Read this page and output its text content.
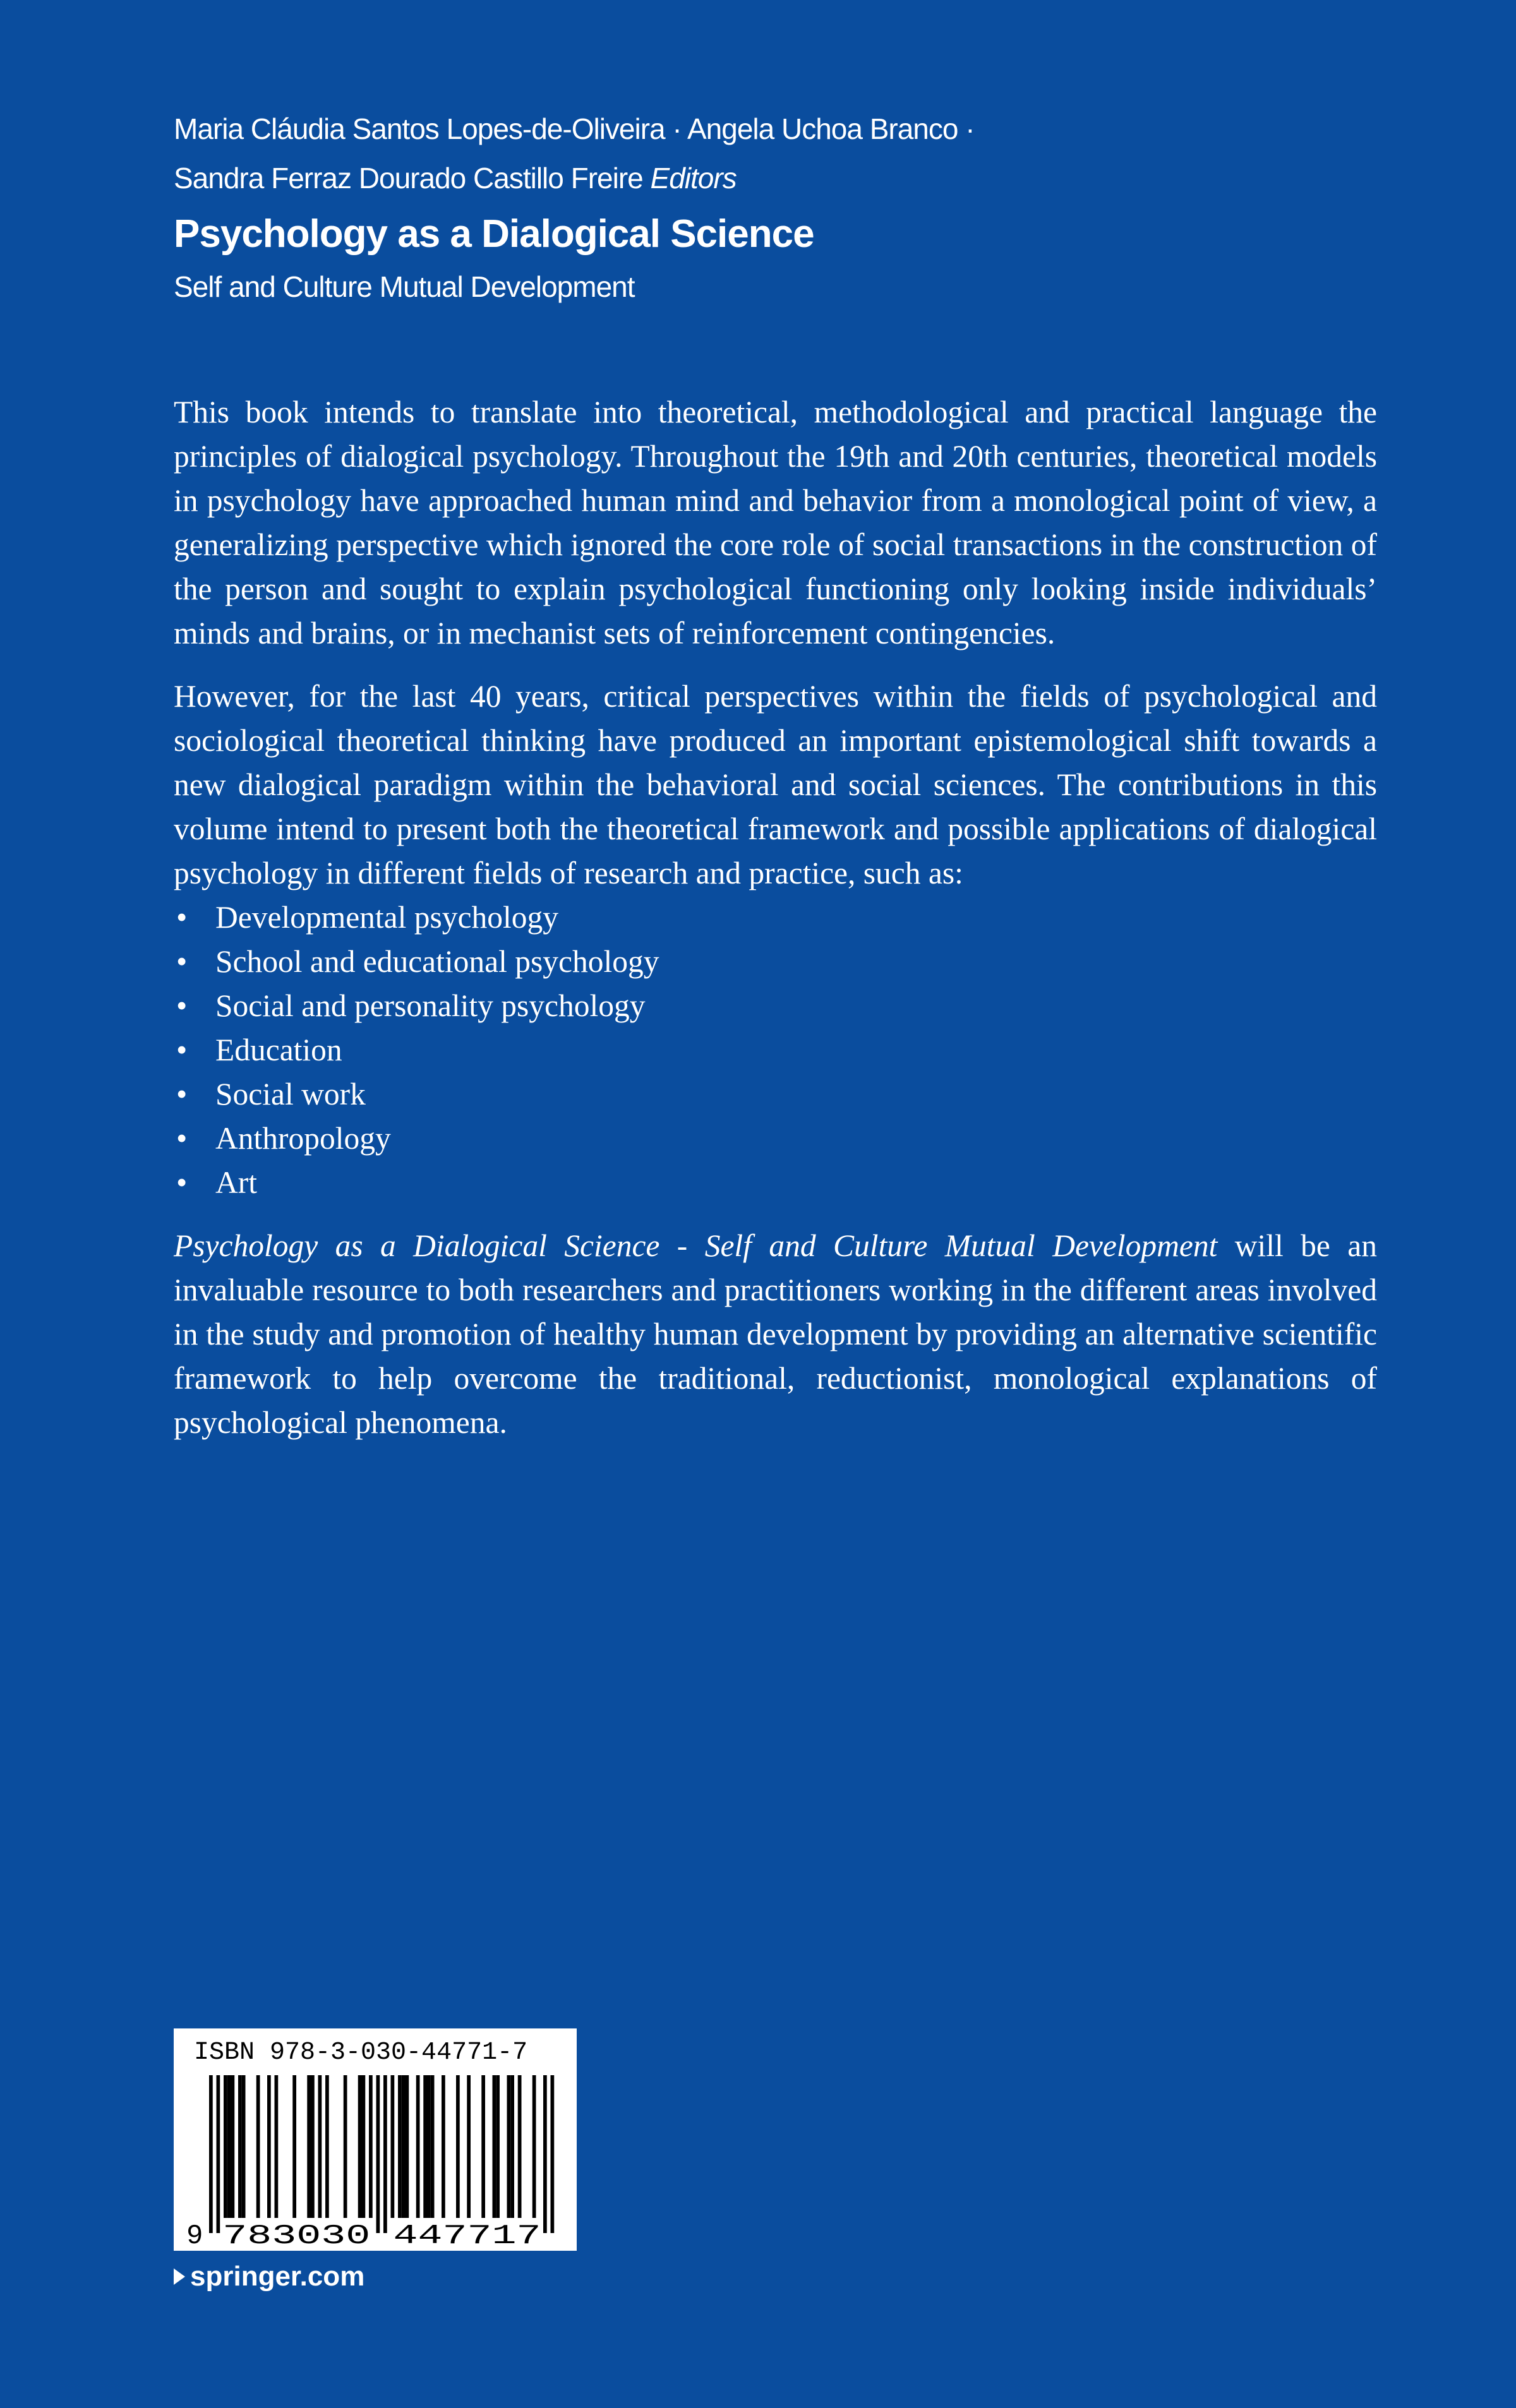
Maria Cláudia Santos Lopes-de-Oliveira · Angela Uchoa Branco ·
Sandra Ferraz Dourado Castillo Freire Editors
Psychology as a Dialogical Science
Self and Culture Mutual Development

This book intends to translate into theoretical, methodological and practical language the principles of dialogical psychology. Throughout the 19th and 20th centuries, theoretical models in psychology have approached human mind and behavior from a monological point of view, a generalizing perspective which ignored the core role of social transactions in the construction of the person and sought to explain psychological functioning only looking inside individuals’ minds and brains, or in mechanist sets of reinforcement contingencies.

However, for the last 40 years, critical perspectives within the fields of psychological and sociological theoretical thinking have produced an important epistemological shift towards a new dialogical paradigm within the behavioral and social sciences. The contributions in this volume intend to present both the theoretical framework and possible applications of dialogical psychology in different fields of research and practice, such as:

• Developmental psychology
• School and educational psychology
• Social and personality psychology
• Education
• Social work
• Anthropology
• Art

Psychology as a Dialogical Science - Self and Culture Mutual Development will be an invaluable resource to both researchers and practitioners working in the different areas involved in the study and promotion of healthy human development by providing an alternative scientific framework to help overcome the traditional, reductionist, monological explanations of psychological phenomena.

ISBN 978-3-030-44771-7
9 783030 447717
springer.com
